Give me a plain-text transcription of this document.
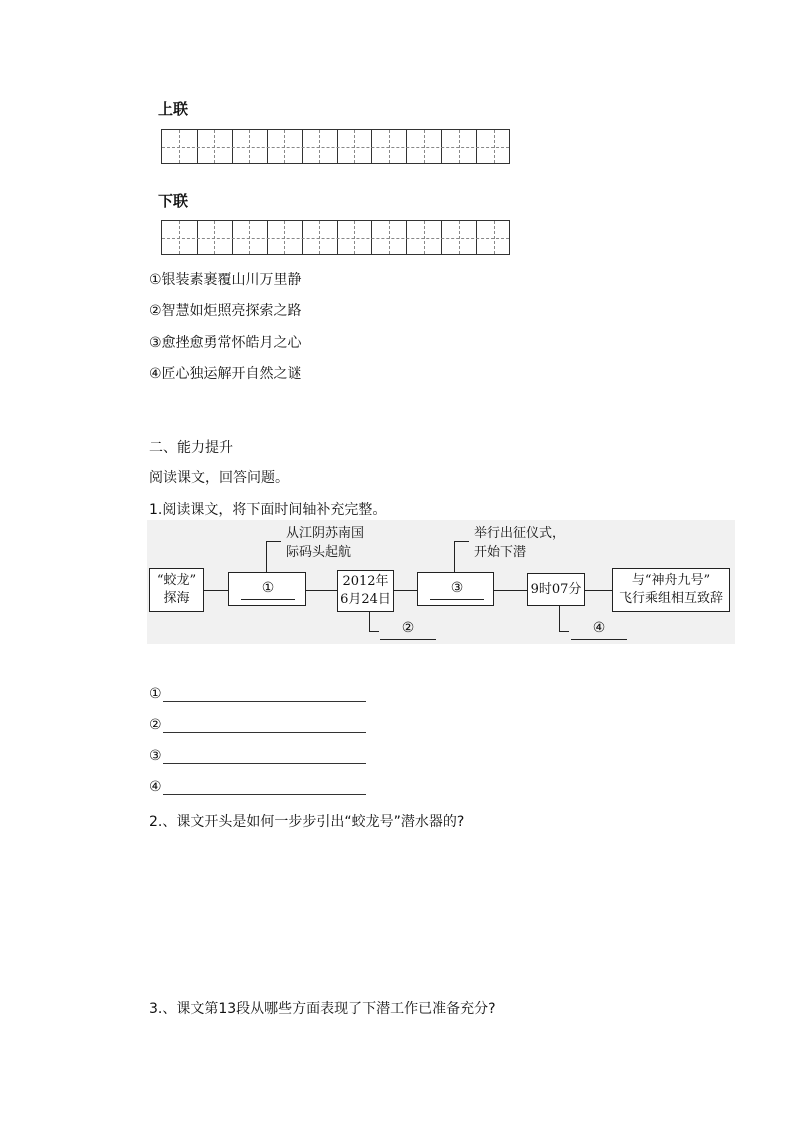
上联
下联
①银装素裹覆山川万里静
②智慧如炬照亮探索之路
③愈挫愈勇常怀皓月之心
④匠心独运解开自然之谜
二、能力提升
阅读课文，回答问题。
1.阅读课文，将下面时间轴补充完整。
“蛟龙”
探海
①
从江阴苏南国
际码头起航
2012年
6月24日
②
③
举行出征仪式，
开始下潜
9时07分
④
与“神舟九号”
飞行乘组相互致辞
①
②
③
④
2.、课文开头是如何一步步引出“蛟龙号”潜水器的?
3.、课文第13段从哪些方面表现了下潜工作已准备充分?
